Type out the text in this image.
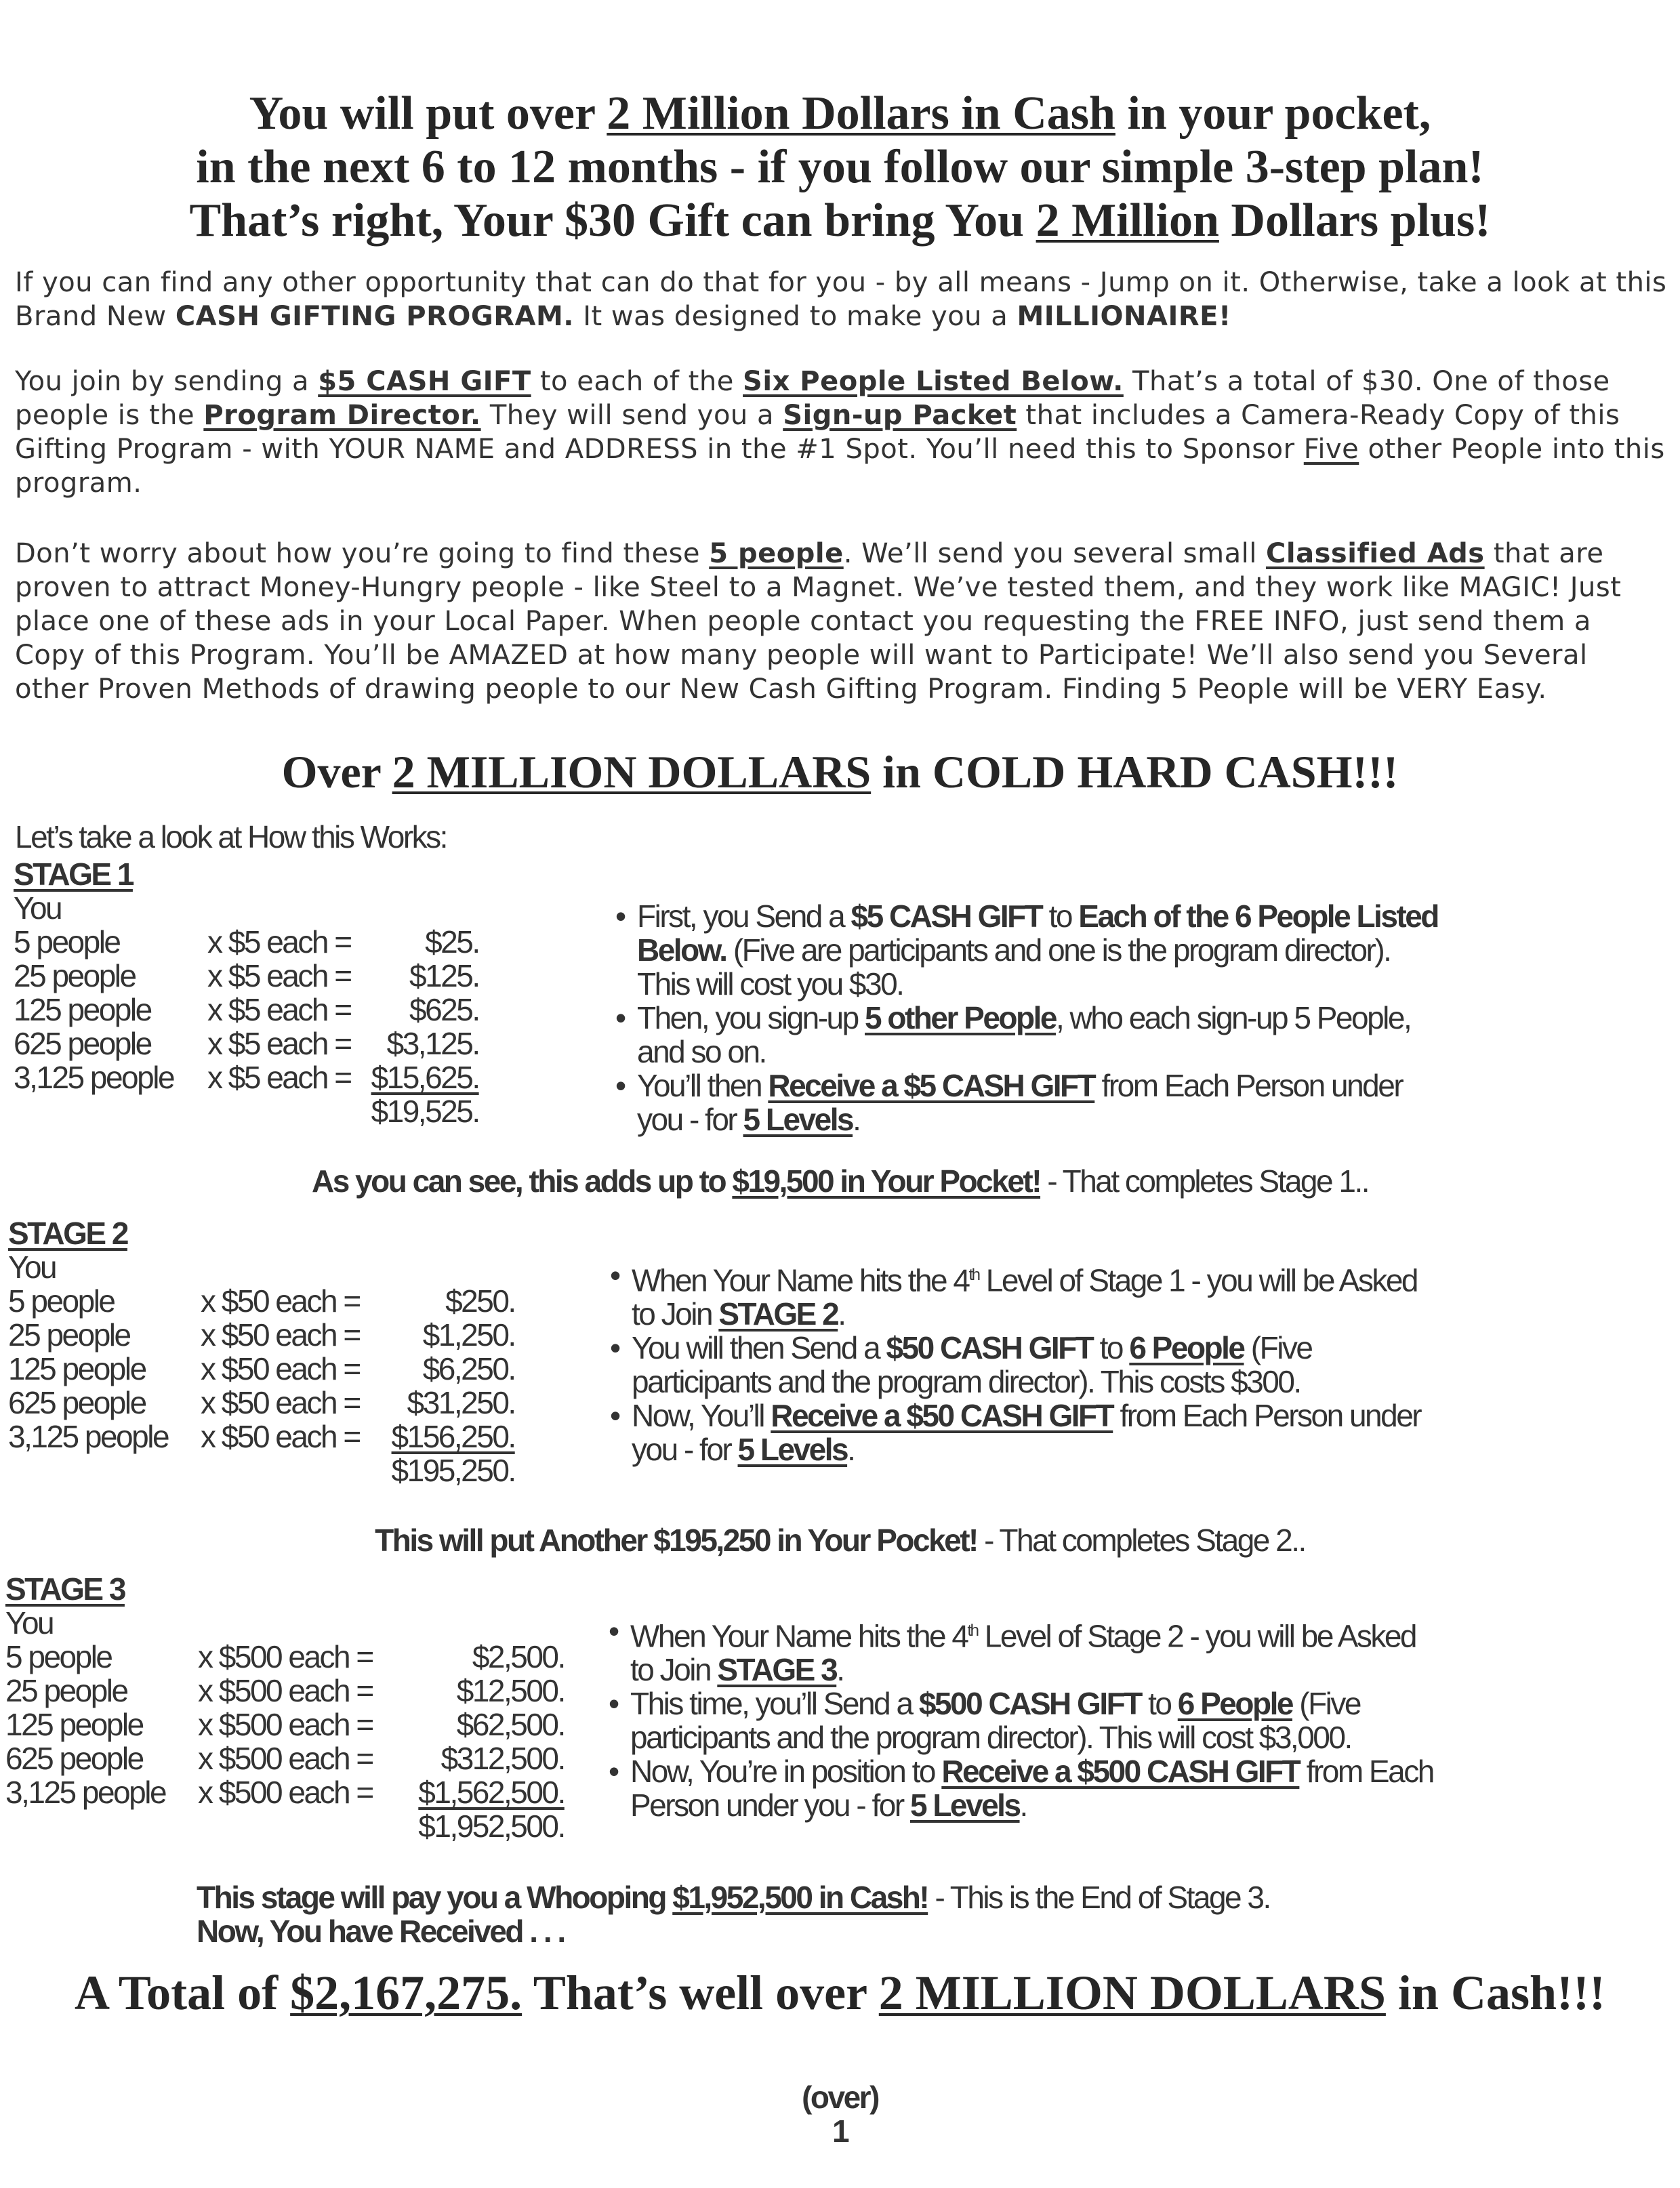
You will put over 2 Million Dollars in Cash in your pocket,
in the next 6 to 12 months - if you follow our simple 3-step plan!
That’s right, Your $30 Gift can bring You 2 Million Dollars plus!
If you can find any other opportunity that can do that for you - by all means - Jump on it. Otherwise, take a look at this Brand New CASH GIFTING PROGRAM. It was designed to make you a MILLIONAIRE!
You join by sending a $5 CASH GIFT to each of the Six People Listed Below. That’s a total of $30. One of those people is the Program Director. They will send you a Sign-up Packet that includes a Camera-Ready Copy of this Gifting Program - with YOUR NAME and ADDRESS in the #1 Spot. You’ll need this to Sponsor Five other People into this program.
Don’t worry about how you’re going to find these 5 people. We’ll send you several small Classified Ads that are proven to attract Money-Hungry people - like Steel to a Magnet. We’ve tested them, and they work like MAGIC! Just place one of these ads in your Local Paper. When people contact you requesting the FREE INFO, just send them a Copy of this Program. You’ll be AMAZED at how many people will want to Participate! We’ll also send you Several other Proven Methods of drawing people to our New Cash Gifting Program. Finding 5 People will be VERY Easy.
Over 2 MILLION DOLLARS in COLD HARD CASH!!!
Let’s take a look at How this Works:
STAGE 1
You
5 people	x $5 each =	$25.
25 people	x $5 each =	$125.
125 people	x $5 each =	$625.
625 people	x $5 each =	$3,125.
3,125 people	x $5 each =	$15,625.
		$19,525.
• First, you Send a $5 CASH GIFT to Each of the 6 People Listed Below. (Five are participants and one is the program director). This will cost you $30.
• Then, you sign-up 5 other People, who each sign-up 5 People, and so on.
• You’ll then Receive a $5 CASH GIFT from Each Person under you - for 5 Levels.
As you can see, this adds up to $19,500 in Your Pocket! - That completes Stage 1..
STAGE 2
You
5 people	x $50 each =	$250.
25 people	x $50 each =	$1,250.
125 people	x $50 each =	$6,250.
625 people	x $50 each =	$31,250.
3,125 people	x $50 each =	$156,250.
		$195,250.
• When Your Name hits the 4th Level of Stage 1 - you will be Asked to Join STAGE 2.
• You will then Send a $50 CASH GIFT to 6 People (Five participants and the program director). This costs $300.
• Now, You’ll Receive a $50 CASH GIFT from Each Person under you - for 5 Levels.
This will put Another $195,250 in Your Pocket! - That completes Stage 2..
STAGE 3
You
5 people	x $500 each =	$2,500.
25 people	x $500 each =	$12,500.
125 people	x $500 each =	$62,500.
625 people	x $500 each =	$312,500.
3,125 people	x $500 each =	$1,562,500.
		$1,952,500.
• When Your Name hits the 4th Level of Stage 2 - you will be Asked to Join STAGE 3.
• This time, you’ll Send a $500 CASH GIFT to 6 People (Five participants and the program director). This will cost $3,000.
• Now, You’re in position to Receive a $500 CASH GIFT from Each Person under you - for 5 Levels.
This stage will pay you a Whooping $1,952,500 in Cash! - This is the End of Stage 3.
Now, You have Received . . .
A Total of $2,167,275. That’s well over 2 MILLION DOLLARS in Cash!!!
(over)
1
